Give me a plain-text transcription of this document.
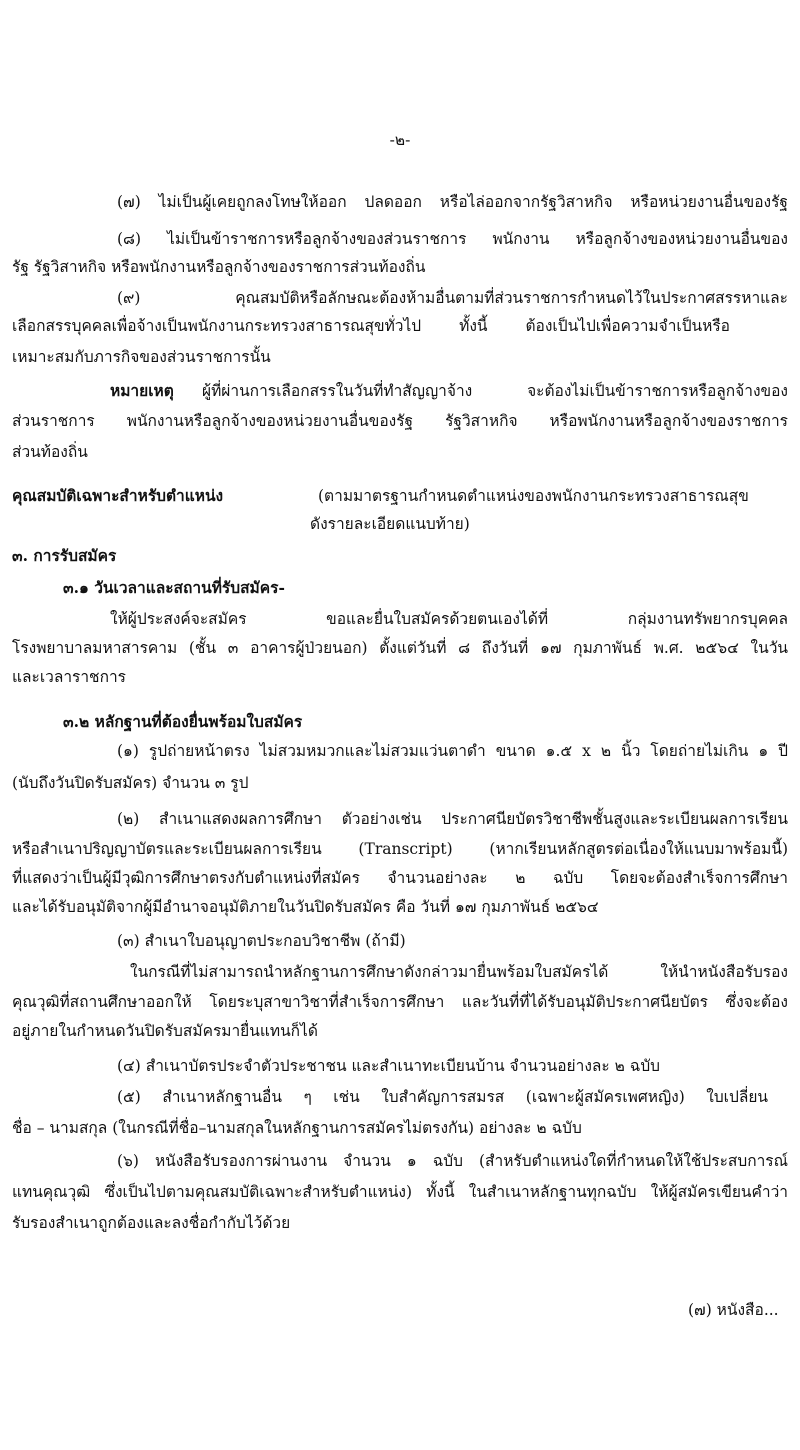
-๒-
(๗) ไม่เป็นผู้เคยถูกลงโทษให้ออก ปลดออก หรือไล่ออกจากรัฐวิสาหกิจ หรือหน่วยงานอื่นของรัฐ
(๘) ไม่เป็นข้าราชการหรือลูกจ้างของส่วนราชการ พนักงาน หรือลูกจ้างของหน่วยงานอื่นของ
รัฐ รัฐวิสาหกิจ หรือพนักงานหรือลูกจ้างของราชการส่วนท้องถิ่น
(๙) คุณสมบัติหรือลักษณะต้องห้ามอื่นตามที่ส่วนราชการกำหนดไว้ในประกาศสรรหาและ
เลือกสรรบุคคลเพื่อจ้างเป็นพนักงานกระทรวงสาธารณสุขทั่วไป ทั้งนี้ ต้องเป็นไปเพื่อความจำเป็นหรือ
เหมาะสมกับภารกิจของส่วนราชการนั้น
หมายเหตุ ผู้ที่ผ่านการเลือกสรรในวันที่ทำสัญญาจ้าง จะต้องไม่เป็นข้าราชการหรือลูกจ้างของ
ส่วนราชการ พนักงานหรือลูกจ้างของหน่วยงานอื่นของรัฐ รัฐวิสาหกิจ หรือพนักงานหรือลูกจ้างของราชการ
ส่วนท้องถิ่น
คุณสมบัติเฉพาะสำหรับตำแหน่ง	(ตามมาตรฐานกำหนดตำแหน่งของพนักงานกระทรวงสาธารณสุข
ดังรายละเอียดแนบท้าย)
๓. การรับสมัคร
๓.๑ วันเวลาและสถานที่รับสมัคร-
ให้ผู้ประสงค์จะสมัคร ขอและยื่นใบสมัครด้วยตนเองได้ที่ กลุ่มงานทรัพยากรบุคคล
โรงพยาบาลมหาสารคาม (ชั้น ๓ อาคารผู้ป่วยนอก) ตั้งแต่วันที่ ๘ ถึงวันที่ ๑๗ กุมภาพันธ์ พ.ศ. ๒๕๖๔ ในวัน
และเวลาราชการ
๓.๒ หลักฐานที่ต้องยื่นพร้อมใบสมัคร
(๑) รูปถ่ายหน้าตรง ไม่สวมหมวกและไม่สวมแว่นตาดำ ขนาด ๑.๕ x ๒ นิ้ว โดยถ่ายไม่เกิน ๑ ปี
(นับถึงวันปิดรับสมัคร) จำนวน ๓ รูป
(๒) สำเนาแสดงผลการศึกษา ตัวอย่างเช่น ประกาศนียบัตรวิชาชีพชั้นสูงและระเบียนผลการเรียน
หรือสำเนาปริญญาบัตรและระเบียนผลการเรียน (Transcript) (หากเรียนหลักสูตรต่อเนื่องให้แนบมาพร้อมนี้)
ที่แสดงว่าเป็นผู้มีวุฒิการศึกษาตรงกับตำแหน่งที่สมัคร จำนวนอย่างละ ๒ ฉบับ โดยจะต้องสำเร็จการศึกษา
และได้รับอนุมัติจากผู้มีอำนาจอนุมัติภายในวันปิดรับสมัคร คือ วันที่ ๑๗ กุมภาพันธ์ ๒๕๖๔
(๓) สำเนาใบอนุญาตประกอบวิชาชีพ (ถ้ามี)
ในกรณีที่ไม่สามารถนำหลักฐานการศึกษาดังกล่าวมายื่นพร้อมใบสมัครได้ ให้นำหนังสือรับรอง
คุณวุฒิที่สถานศึกษาออกให้ โดยระบุสาขาวิชาที่สำเร็จการศึกษา และวันที่ที่ได้รับอนุมัติประกาศนียบัตร ซึ่งจะต้อง
อยู่ภายในกำหนดวันปิดรับสมัครมายื่นแทนก็ได้
(๔) สำเนาบัตรประจำตัวประชาชน และสำเนาทะเบียนบ้าน จำนวนอย่างละ ๒ ฉบับ
(๕) สำเนาหลักฐานอื่น ๆ เช่น ใบสำคัญการสมรส (เฉพาะผู้สมัครเพศหญิง) ใบเปลี่ยน
ชื่อ – นามสกุล (ในกรณีที่ชื่อ–นามสกุลในหลักฐานการสมัครไม่ตรงกัน) อย่างละ ๒ ฉบับ
(๖) หนังสือรับรองการผ่านงาน จำนวน ๑ ฉบับ (สำหรับตำแหน่งใดที่กำหนดให้ใช้ประสบการณ์
แทนคุณวุฒิ ซึ่งเป็นไปตามคุณสมบัติเฉพาะสำหรับตำแหน่ง) ทั้งนี้ ในสำเนาหลักฐานทุกฉบับ ให้ผู้สมัครเขียนคำว่า
รับรองสำเนาถูกต้องและลงชื่อกำกับไว้ด้วย
(๗) หนังสือ...
